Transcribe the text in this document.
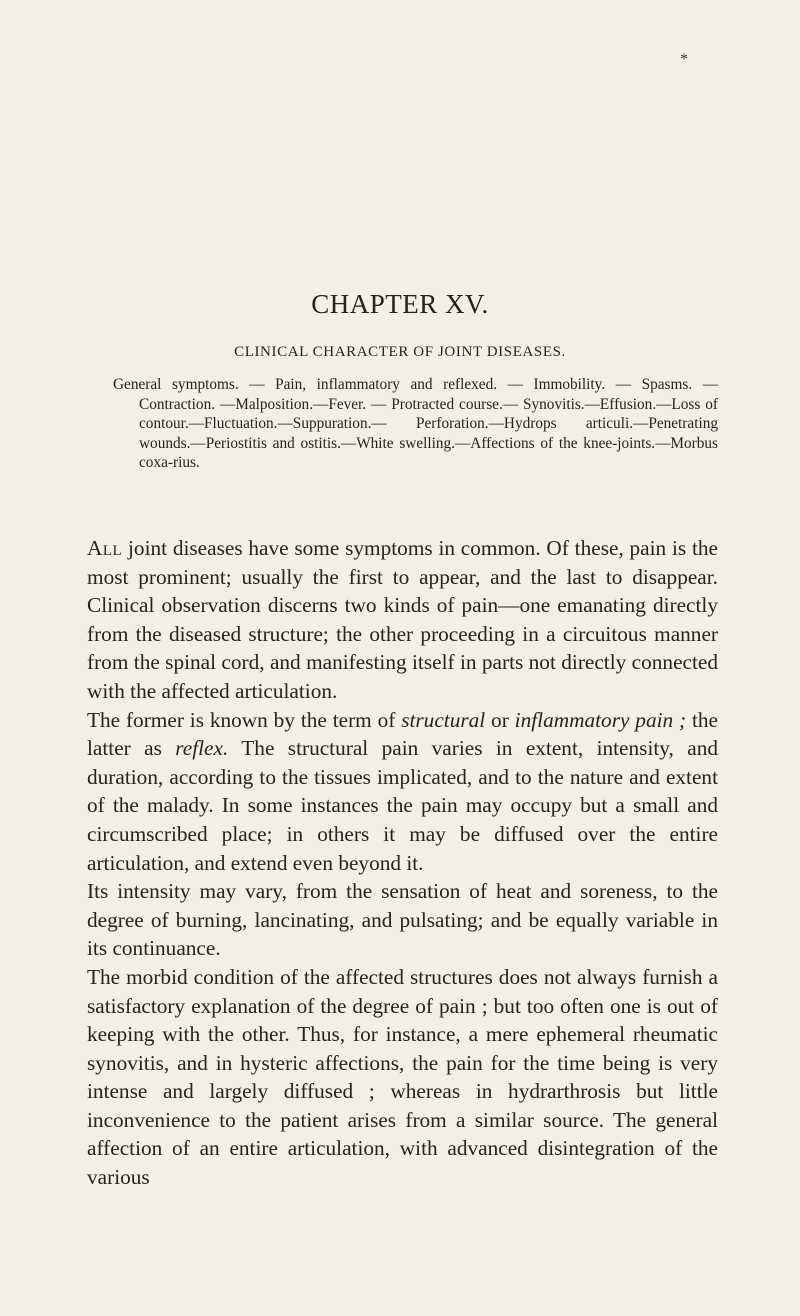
*
CHAPTER XV.
CLINICAL CHARACTER OF JOINT DISEASES.

General symptoms. — Pain, inflammatory and reflexed. — Immobility. — Spasms. — Contraction. —Malposition.—Fever. — Protracted course.— Synovitis.—Effusion.—Loss of contour.—Fluctuation.—Suppuration.— Perforation.—Hydrops articuli.—Penetrating wounds.—Periostitis and ostitis.—White swelling.—Affections of the knee-joints.—Morbus coxa-rius.

All joint diseases have some symptoms in common. Of these, pain is the most prominent; usually the first to appear, and the last to disappear. Clinical observation discerns two kinds of pain—one emanating directly from the diseased structure; the other proceeding in a circuitous manner from the spinal cord, and manifesting itself in parts not directly connected with the affected articulation.

The former is known by the term of structural or inflammatory pain ; the latter as reflex. The structural pain varies in extent, intensity, and duration, according to the tissues implicated, and to the nature and extent of the malady. In some instances the pain may occupy but a small and circumscribed place; in others it may be diffused over the entire articulation, and extend even beyond it.

Its intensity may vary, from the sensation of heat and soreness, to the degree of burning, lancinating, and pulsating; and be equally variable in its continuance.

The morbid condition of the affected structures does not always furnish a satisfactory explanation of the degree of pain ; but too often one is out of keeping with the other. Thus, for instance, a mere ephemeral rheumatic synovitis, and in hysteric affections, the pain for the time being is very intense and largely diffused ; whereas in hydrarthrosis but little inconvenience to the patient arises from a similar source. The general affection of an entire articulation, with advanced disintegration of the various
